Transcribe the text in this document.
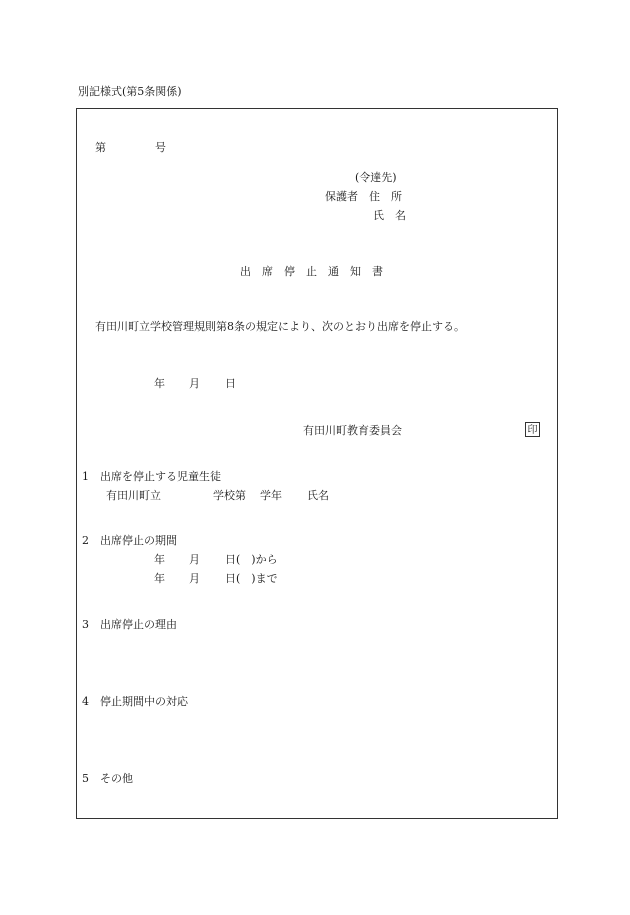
別記様式(第5条関係)
第	号
(令達先)
保護者　住　所
氏　名
出　席　停　止　通　知　書
有田川町立学校管理規則第8条の規定により、次のとおり出席を停止する。
年 月 日
有田川町教育委員会	印
1 出席を停止する児童生徒
有田川町立	学校第 学年 氏名
2 出席停止の期間
年 月 日(　)から
年 月 日(　)まで
3 出席停止の理由
4 停止期間中の対応
5 その他
